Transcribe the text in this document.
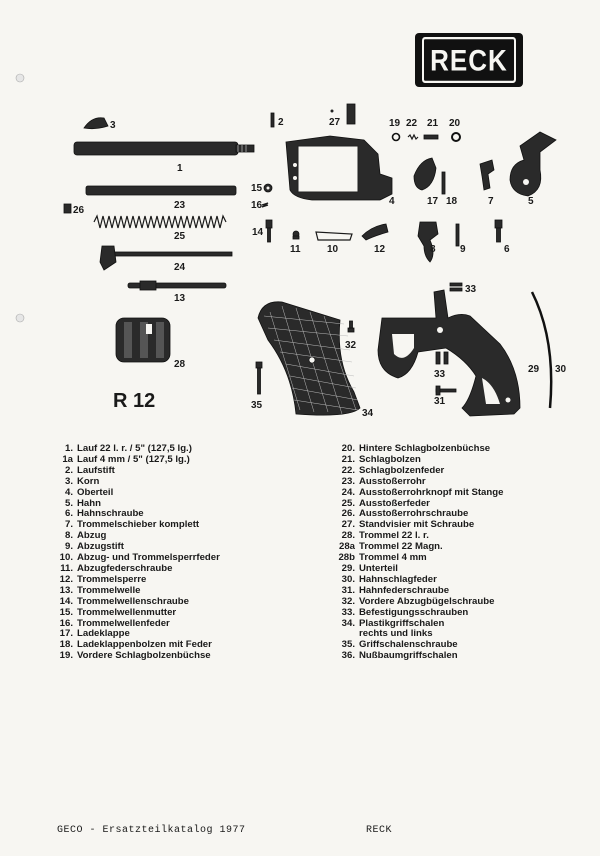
RECK
3
1
23
26
25
24
13
28
2	27
15
16	4
14
11	10	12
19 22 21 20
17 18	7	5
8 9	6
33
32
33
31
29 30
35
34
R 12
1. Lauf 22 l. r. / 5" (127,5 lg.)
1a Lauf 4 mm / 5" (127,5 lg.)
2. Laufstift
3. Korn
4. Oberteil
5. Hahn
6. Hahnschraube
7. Trommelschieber komplett
8. Abzug
9. Abzugstift
10. Abzug- und Trommelsperrfeder
11. Abzugfederschraube
12. Trommelsperre
13. Trommelwelle
14. Trommelwellenschraube
15. Trommelwellenmutter
16. Trommelwellenfeder
17. Ladeklappe
18. Ladeklappenbolzen mit Feder
19. Vordere Schlagbolzenbüchse
20. Hintere Schlagbolzenbüchse
21. Schlagbolzen
22. Schlagbolzenfeder
23. Ausstoßerrohr
24. Ausstoßerrohrknopf mit Stange
25. Ausstoßerfeder
26. Ausstoßerrohrschraube
27. Standvisier mit Schraube
28. Trommel 22 l. r.
28a Trommel 22 Magn.
28b Trommel 4 mm
29. Unterteil
30. Hahnschlagfeder
31. Hahnfederschraube
32. Vordere Abzugbügelschraube
33. Befestigungsschrauben
34. Plastikgriffschalen
rechts und links
35. Griffschalenschraube
36. Nußbaumgriffschalen
GECO - Ersatzteilkatalog 1977	RECK
